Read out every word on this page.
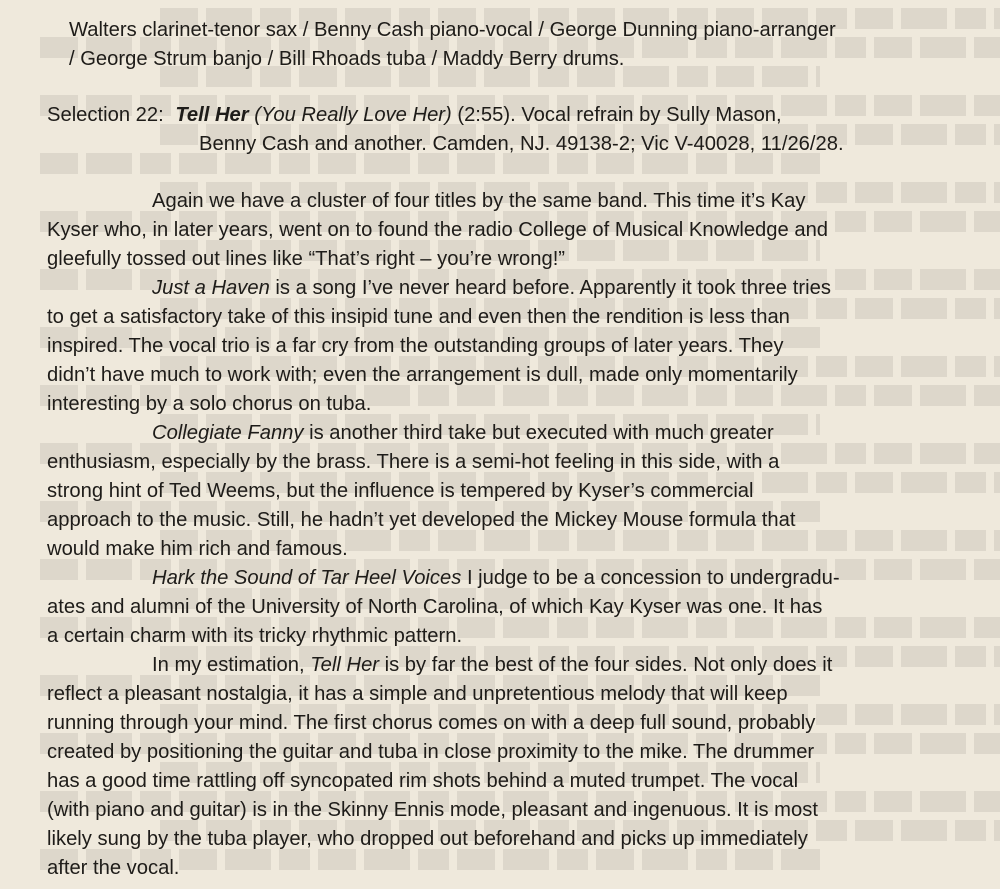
Walters clarinet-tenor sax / Benny Cash piano-vocal / George Dunning piano-arranger
/ George Strum banjo / Bill Rhoads tuba / Maddy Berry drums.
Selection 22: Tell Her (You Really Love Her) (2:55). Vocal refrain by Sully Mason,
Benny Cash and another. Camden, NJ. 49138-2; Vic V-40028, 11/26/28.
Again we have a cluster of four titles by the same band. This time it’s Kay
Kyser who, in later years, went on to found the radio College of Musical Knowledge and
gleefully tossed out lines like “That’s right – you’re wrong!”
Just a Haven is a song I’ve never heard before. Apparently it took three tries
to get a satisfactory take of this insipid tune and even then the rendition is less than
inspired. The vocal trio is a far cry from the outstanding groups of later years. They
didn’t have much to work with; even the arrangement is dull, made only momentarily
interesting by a solo chorus on tuba.
Collegiate Fanny is another third take but executed with much greater
enthusiasm, especially by the brass. There is a semi-hot feeling in this side, with a
strong hint of Ted Weems, but the influence is tempered by Kyser’s commercial
approach to the music. Still, he hadn’t yet developed the Mickey Mouse formula that
would make him rich and famous.
Hark the Sound of Tar Heel Voices I judge to be a concession to undergradu-
ates and alumni of the University of North Carolina, of which Kay Kyser was one. It has
a certain charm with its tricky rhythmic pattern.
In my estimation, Tell Her is by far the best of the four sides. Not only does it
reflect a pleasant nostalgia, it has a simple and unpretentious melody that will keep
running through your mind. The first chorus comes on with a deep full sound, probably
created by positioning the guitar and tuba in close proximity to the mike. The drummer
has a good time rattling off syncopated rim shots behind a muted trumpet. The vocal
(with piano and guitar) is in the Skinny Ennis mode, pleasant and ingenuous. It is most
likely sung by the tuba player, who dropped out beforehand and picks up immediately
after the vocal.
